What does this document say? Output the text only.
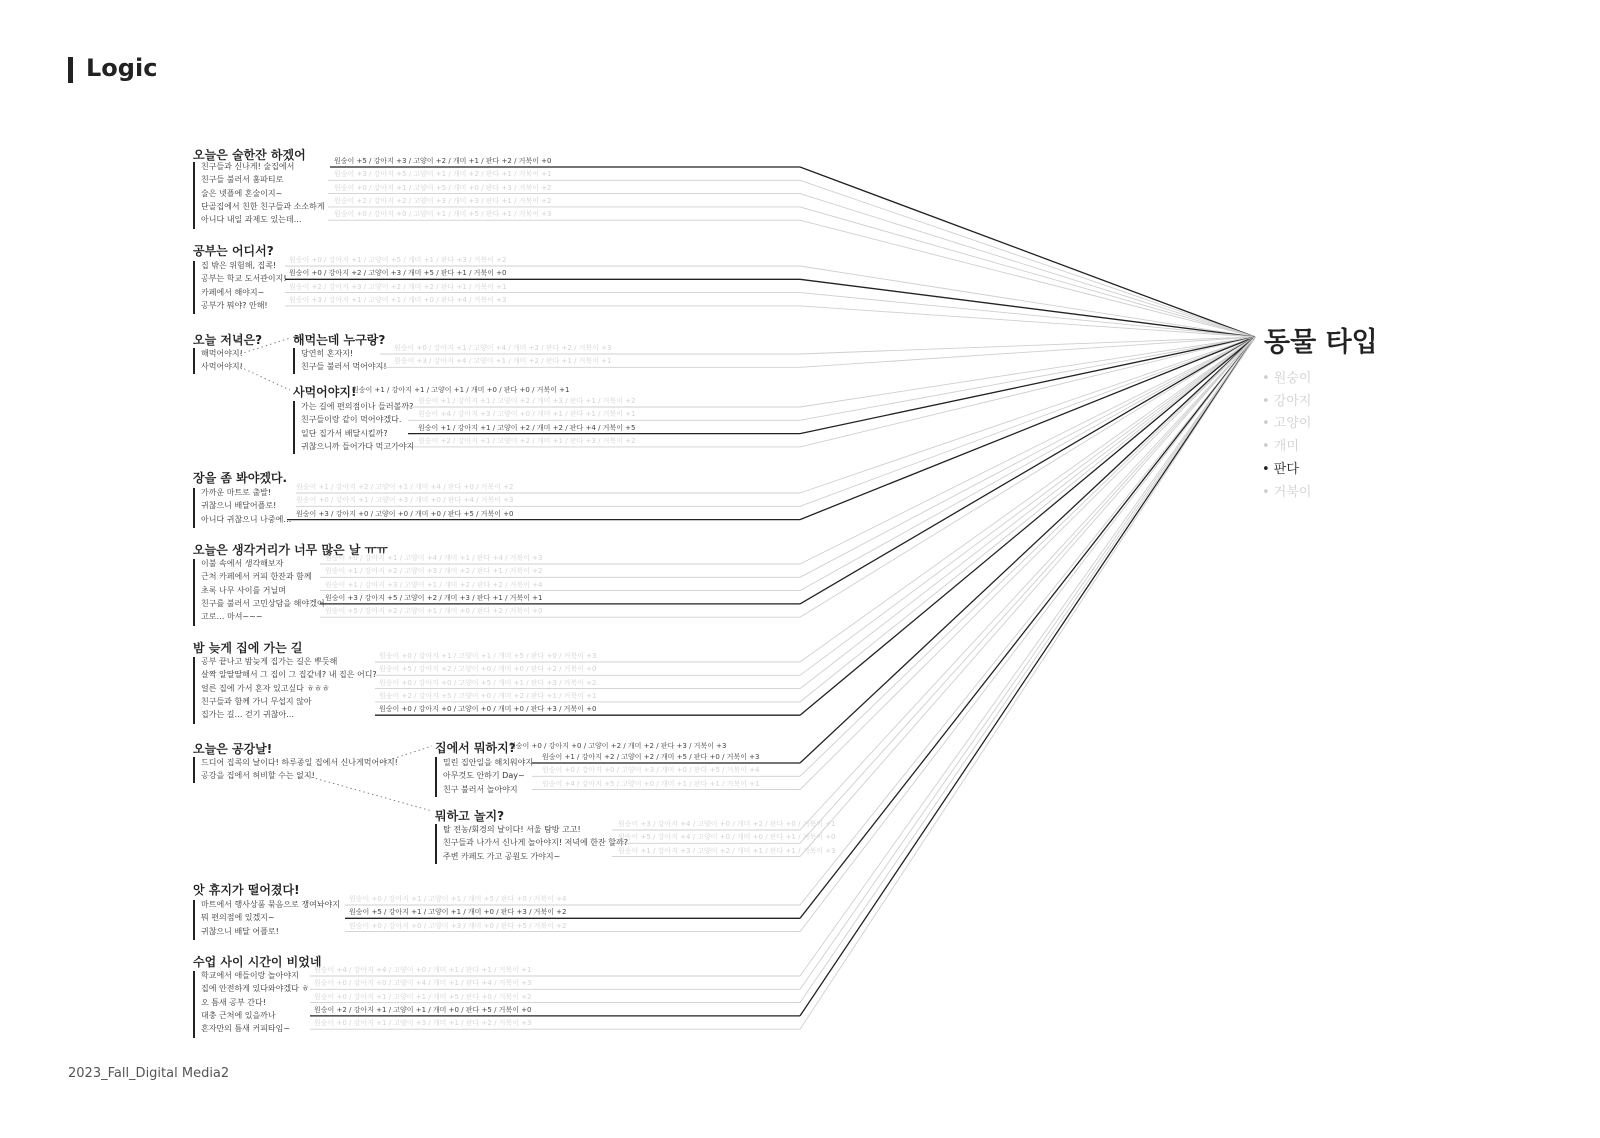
Logic
동물 타입
• 원숭이
• 강아지
• 고양이
• 개미
• 판다
• 거북이
2023_Fall_Digital Media2
오늘은 술한잔 하겠어
친구들과 신나게! 술집에서
원숭이 +5 / 강아지 +3 / 고양이 +2 / 개미 +1 / 판다 +2 / 거북이 +0
친구들 불러서 홈파티로
원숭이 +3 / 강아지 +5 / 고양이 +1 / 개미 +2 / 판다 +1 / 거북이 +1
술은 넷플에 혼술이지~
원숭이 +0 / 강아지 +1 / 고양이 +5 / 개미 +0 / 판다 +3 / 거북이 +2
단골집에서 친한 친구들과 소소하게
원숭이 +2 / 강아지 +2 / 고양이 +3 / 개미 +3 / 판다 +1 / 거북이 +2
아니다 내일 과제도 있는데…
원숭이 +0 / 강아지 +0 / 고양이 +1 / 개미 +5 / 판다 +1 / 거북이 +3
공부는 어디서?
집 밖은 위험해, 집콕!
원숭이 +0 / 강아지 +1 / 고양이 +5 / 개미 +1 / 판다 +3 / 거북이 +2
공부는 학교 도서관이지!
원숭이 +0 / 강아지 +2 / 고양이 +3 / 개미 +5 / 판다 +1 / 거북이 +0
카페에서 해야지~
원숭이 +2 / 강아지 +3 / 고양이 +2 / 개미 +2 / 판다 +1 / 거북이 +1
공부가 뭐야? 안해!
원숭이 +3 / 강아지 +1 / 고양이 +1 / 개미 +0 / 판다 +4 / 거북이 +3
장을 좀 봐야겠다.
가까운 마트로 출발!
원숭이 +1 / 강아지 +2 / 고양이 +1 / 개미 +4 / 판다 +0 / 거북이 +2
귀찮으니 배달어플로!
원숭이 +0 / 강아지 +1 / 고양이 +3 / 개미 +0 / 판다 +4 / 거북이 +3
아니다 귀찮으니 나중에…
원숭이 +3 / 강아지 +0 / 고양이 +0 / 개미 +0 / 판다 +5 / 거북이 +0
오늘은 생각거리가 너무 많은 날 ㅠㅠ
이불 속에서 생각해보자
원숭이 +0 / 강아지 +1 / 고양이 +4 / 개미 +1 / 판다 +4 / 거북이 +3
근처 카페에서 커피 한잔과 함께
원숭이 +1 / 강아지 +2 / 고양이 +3 / 개미 +2 / 판다 +1 / 거북이 +2
초록 나무 사이를 거닐며
원숭이 +1 / 강아지 +3 / 고양이 +1 / 개미 +2 / 판다 +2 / 거북이 +4
친구를 불러서 고민상담을 해야겠어
원숭이 +3 / 강아지 +5 / 고양이 +2 / 개미 +3 / 판다 +1 / 거북이 +1
고로… 마셔~~~
원숭이 +5 / 강아지 +2 / 고양이 +1 / 개미 +0 / 판다 +2 / 거북이 +0
밤 늦게 집에 가는 길
공부 끝나고 밤늦게 집가는 길은 뿌듯해
원숭이 +0 / 강아지 +1 / 고양이 +1 / 개미 +5 / 판다 +0 / 거북이 +3
살짝 알딸딸해서 그 집이 그 집같네? 내 집은 어디?
원숭이 +5 / 강아지 +2 / 고양이 +0 / 개미 +0 / 판다 +2 / 거북이 +0
얼른 집에 가서 혼자 있고싶다 ㅎㅎㅎ
원숭이 +0 / 강아지 +0 / 고양이 +5 / 개미 +1 / 판다 +3 / 거북이 +2
친구들과 함께 가니 무섭지 않아
원숭이 +2 / 강아지 +5 / 고양이 +0 / 개미 +2 / 판다 +1 / 거북이 +1
집가는 길… 걷기 귀찮아…
원숭이 +0 / 강아지 +0 / 고양이 +0 / 개미 +0 / 판다 +3 / 거북이 +0
앗 휴지가 떨어졌다!
마트에서 행사상품 묶음으로 쟁여놔야지
원숭이 +0 / 강아지 +1 / 고양이 +1 / 개미 +5 / 판다 +0 / 거북이 +4
뭐 편의점에 있겠지~
원숭이 +5 / 강아지 +1 / 고양이 +1 / 개미 +0 / 판다 +3 / 거북이 +2
귀찮으니 배달 어플로!
원숭이 +0 / 강아지 +0 / 고양이 +3 / 개미 +0 / 판다 +5 / 거북이 +2
수업 사이 시간이 비었네
학교에서 애들이랑 놀아야지
원숭이 +4 / 강아지 +4 / 고양이 +0 / 개미 +1 / 판다 +1 / 거북이 +1
집에 안전하게 있다와야겠다 ㅎ
원숭이 +0 / 강아지 +0 / 고양이 +4 / 개미 +1 / 판다 +4 / 거북이 +3
오 틈새 공부 간다!
원숭이 +0 / 강아지 +1 / 고양이 +1 / 개미 +5 / 판다 +0 / 거북이 +2
대충 근처에 있을까나
원숭이 +2 / 강아지 +1 / 고양이 +1 / 개미 +0 / 판다 +5 / 거북이 +0
혼자만의 틈새 커피타임~
원숭이 +0 / 강아지 +1 / 고양이 +3 / 개미 +1 / 판다 +2 / 거북이 +3
오늘 저녁은?
해먹어야지!
사먹어야지!
해먹는데 누구랑?
당연히 혼자지!
원숭이 +0 / 강아지 +1 / 고양이 +4 / 개미 +2 / 판다 +2 / 거북이 +3
친구들 불러서 먹어야지!
원숭이 +3 / 강아지 +4 / 고양이 +1 / 개미 +2 / 판다 +1 / 거북이 +1
사먹어야지!
원숭이 +1 / 강아지 +1 / 고양이 +1 / 개미 +0 / 판다 +0 / 거북이 +1
가는 길에 편의점이나 들러볼까?
원숭이 +1 / 강아지 +1 / 고양이 +2 / 개미 +3 / 판다 +1 / 거북이 +2
친구들이랑 같이 먹어야겠다.
원숭이 +4 / 강아지 +3 / 고양이 +0 / 개미 +1 / 판다 +1 / 거북이 +1
일단 집가서 배달시킬까?
원숭이 +1 / 강아지 +1 / 고양이 +2 / 개미 +2 / 판다 +4 / 거북이 +5
귀찮으니까 들어가다 먹고가야지
원숭이 +2 / 강아지 +1 / 고양이 +2 / 개미 +1 / 판다 +3 / 거북이 +2
오늘은 공강날!
드디어 집콕의 날이다! 하루종일 집에서 신나게먹어야지!
공강을 집에서 허비할 수는 없지!
집에서 뭐하지?
원숭이 +0 / 강아지 +0 / 고양이 +2 / 개미 +2 / 판다 +3 / 거북이 +3
밀린 집안일을 해치워야지
원숭이 +1 / 강아지 +2 / 고양이 +2 / 개미 +5 / 판다 +0 / 거북이 +3
아무것도 안하기 Day~
원숭이 +0 / 강아지 +0 / 고양이 +3 / 개미 +0 / 판다 +5 / 거북이 +4
친구 불러서 놀아야지
원숭이 +4 / 강아지 +5 / 고양이 +0 / 개미 +1 / 판다 +1 / 거북이 +1
뭐하고 놀지?
탈 전농/회경의 날이다! 서울 탐방 고고!
원숭이 +3 / 강아지 +4 / 고양이 +0 / 개미 +2 / 판다 +0 / 거북이 +1
친구들과 나가서 신나게 놀아야지! 저녁에 한잔 할까?
원숭이 +5 / 강아지 +4 / 고양이 +0 / 개미 +0 / 판다 +1 / 거북이 +0
주변 카페도 가고 공원도 가야지~
원숭이 +1 / 강아지 +3 / 고양이 +2 / 개미 +1 / 판다 +1 / 거북이 +3
